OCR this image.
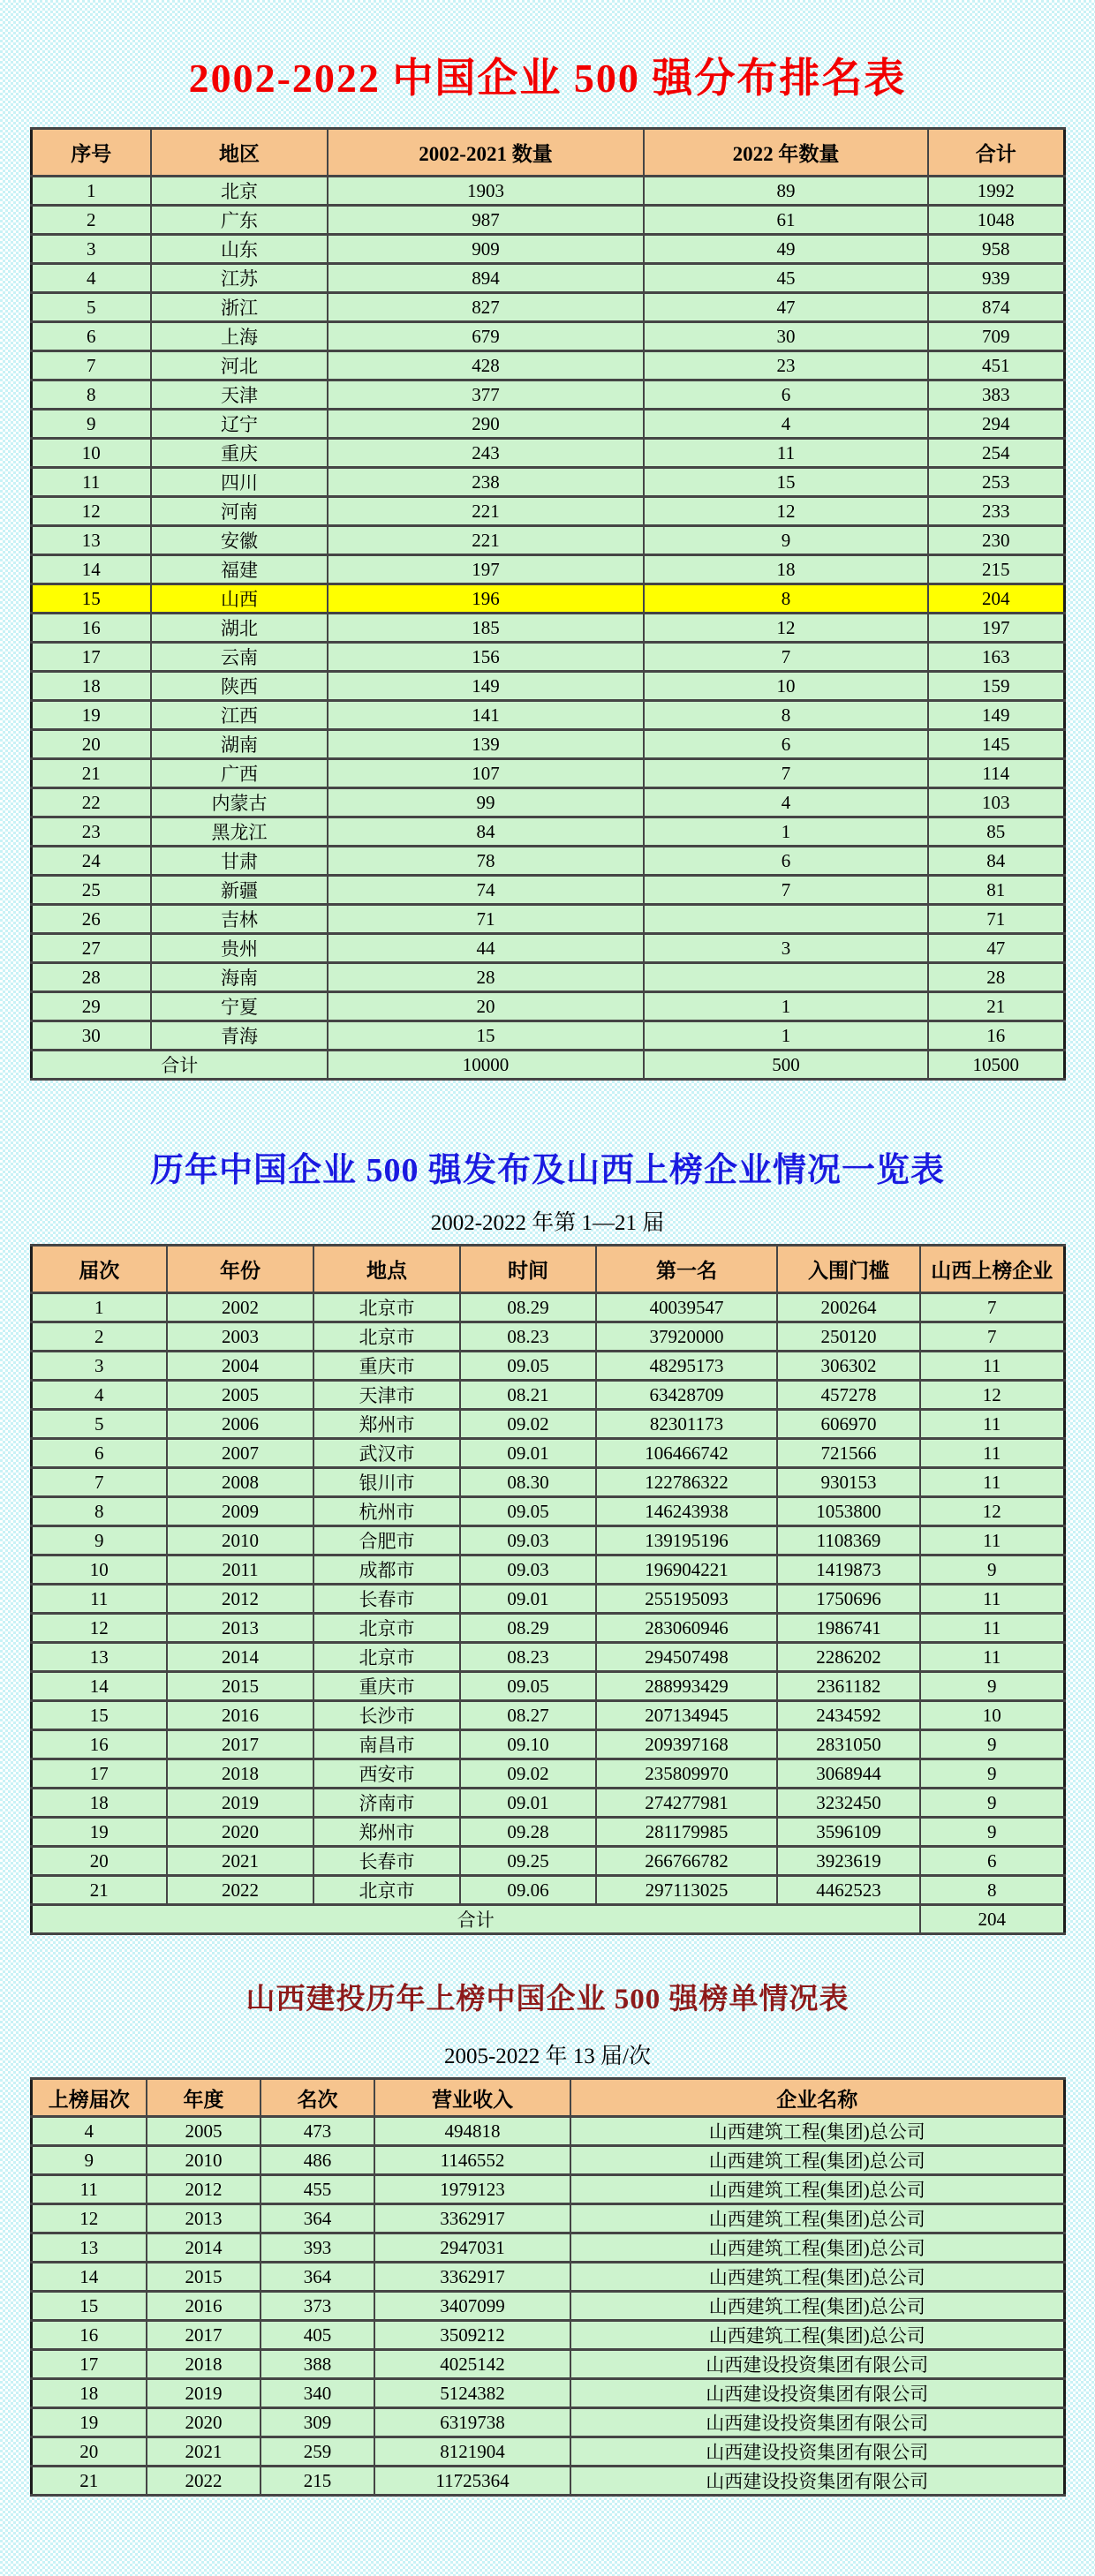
2002-2022 中国企业 500 强分布排名表
序号	地区	2002-2021 数量	2022 年数量	合计
1	北京	1903	89	1992
2	广东	987	61	1048
3	山东	909	49	958
4	江苏	894	45	939
5	浙江	827	47	874
6	上海	679	30	709
7	河北	428	23	451
8	天津	377	6	383
9	辽宁	290	4	294
10	重庆	243	11	254
11	四川	238	15	253
12	河南	221	12	233
13	安徽	221	9	230
14	福建	197	18	215
15	山西	196	8	204
16	湖北	185	12	197
17	云南	156	7	163
18	陕西	149	10	159
19	江西	141	8	149
20	湖南	139	6	145
21	广西	107	7	114
22	内蒙古	99	4	103
23	黑龙江	84	1	85
24	甘肃	78	6	84
25	新疆	74	7	81
26	吉林	71		71
27	贵州	44	3	47
28	海南	28		28
29	宁夏	20	1	21
30	青海	15	1	16
合计		10000	500	10500
历年中国企业 500 强发布及山西上榜企业情况一览表
2002-2022 年第 1—21 届
届次	年份	地点	时间	第一名	入围门槛	山西上榜企业
1	2002	北京市	08.29	40039547	200264	7
2	2003	北京市	08.23	37920000	250120	7
3	2004	重庆市	09.05	48295173	306302	11
4	2005	天津市	08.21	63428709	457278	12
5	2006	郑州市	09.02	82301173	606970	11
6	2007	武汉市	09.01	106466742	721566	11
7	2008	银川市	08.30	122786322	930153	11
8	2009	杭州市	09.05	146243938	1053800	12
9	2010	合肥市	09.03	139195196	1108369	11
10	2011	成都市	09.03	196904221	1419873	9
11	2012	长春市	09.01	255195093	1750696	11
12	2013	北京市	08.29	283060946	1986741	11
13	2014	北京市	08.23	294507498	2286202	11
14	2015	重庆市	09.05	288993429	2361182	9
15	2016	长沙市	08.27	207134945	2434592	10
16	2017	南昌市	09.10	209397168	2831050	9
17	2018	西安市	09.02	235809970	3068944	9
18	2019	济南市	09.01	274277981	3232450	9
19	2020	郑州市	09.28	281179985	3596109	9
20	2021	长春市	09.25	266766782	3923619	6
21	2022	北京市	09.06	297113025	4462523	8
合计						204
山西建投历年上榜中国企业 500 强榜单情况表
2005-2022 年 13 届/次
上榜届次	年度	名次	营业收入	企业名称
4	2005	473	494818	山西建筑工程(集团)总公司
9	2010	486	1146552	山西建筑工程(集团)总公司
11	2012	455	1979123	山西建筑工程(集团)总公司
12	2013	364	3362917	山西建筑工程(集团)总公司
13	2014	393	2947031	山西建筑工程(集团)总公司
14	2015	364	3362917	山西建筑工程(集团)总公司
15	2016	373	3407099	山西建筑工程(集团)总公司
16	2017	405	3509212	山西建筑工程(集团)总公司
17	2018	388	4025142	山西建设投资集团有限公司
18	2019	340	5124382	山西建设投资集团有限公司
19	2020	309	6319738	山西建设投资集团有限公司
20	2021	259	8121904	山西建设投资集团有限公司
21	2022	215	11725364	山西建设投资集团有限公司
